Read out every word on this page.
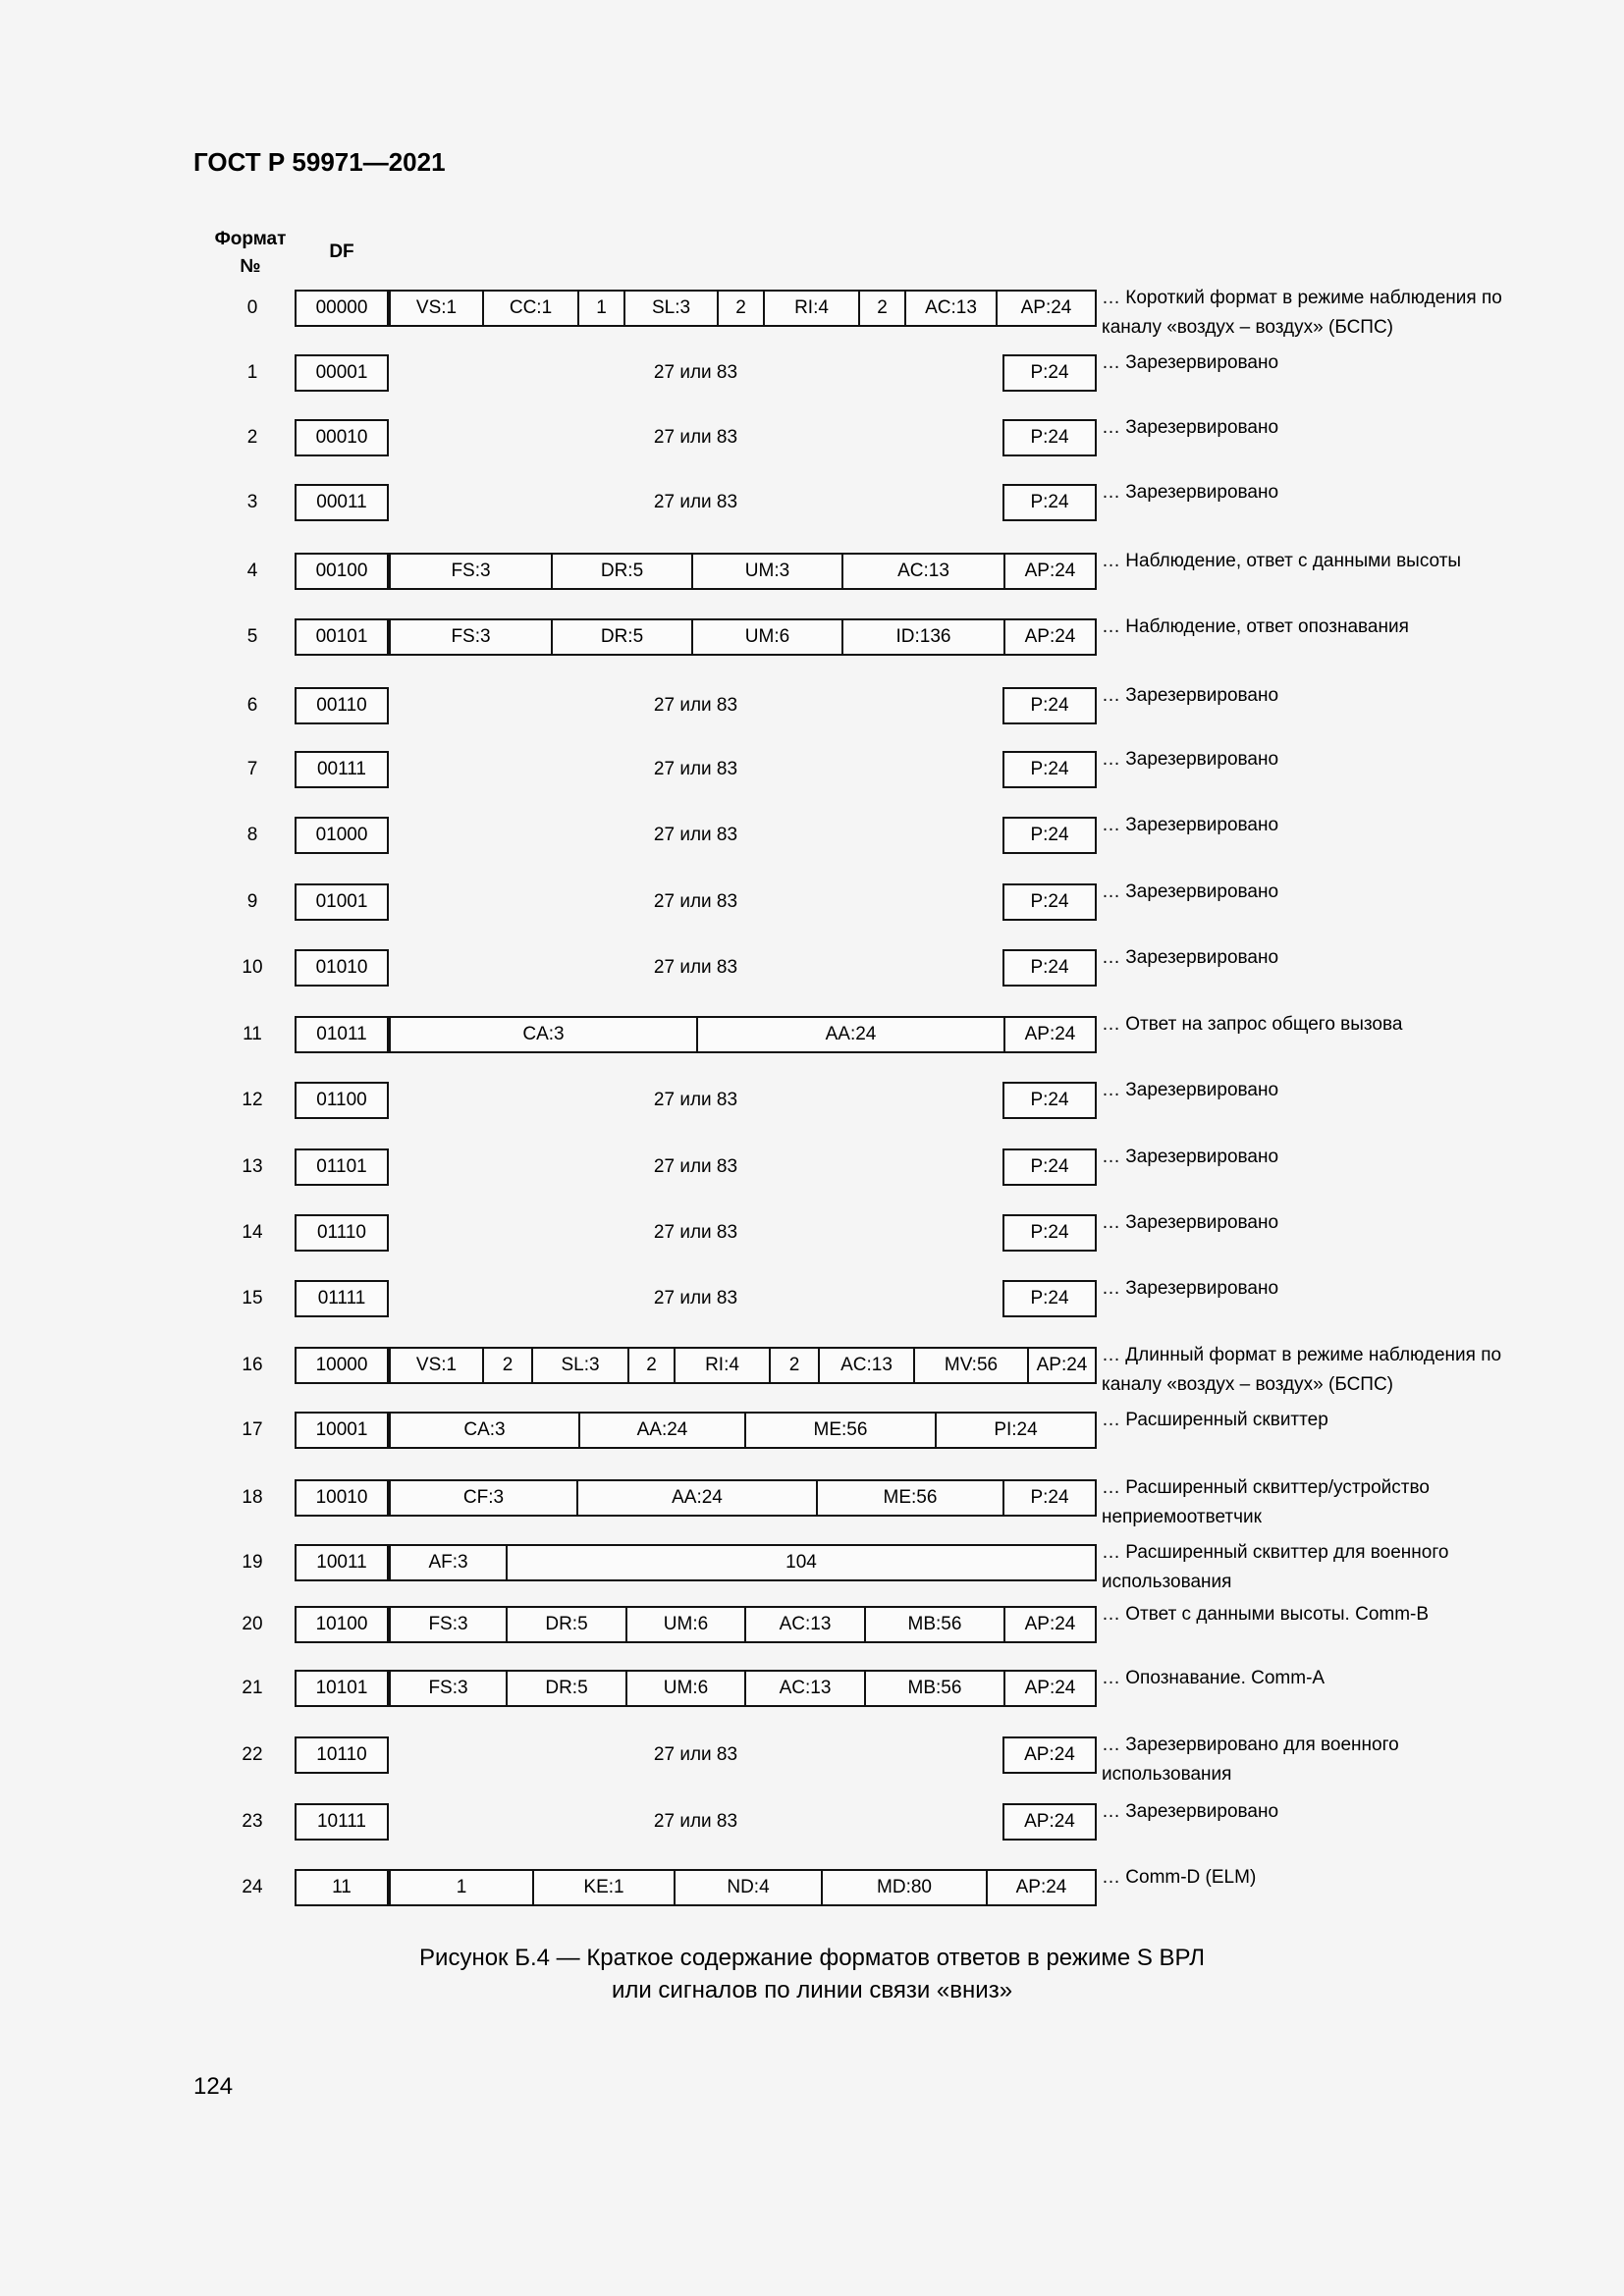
ГОСТ Р 59971—2021
Формат №
DF
0	00000	VS:1	CC:1	1	SL:3	2	RI:4	2	AC:13	AP:24	… Короткий формат в режиме наблюдения по каналу «воздух – воздух» (БСПС)
1	00001	27 или 83	P:24	… Зарезервировано
2	00010	27 или 83	P:24	… Зарезервировано
3	00011	27 или 83	P:24	… Зарезервировано
4	00100	FS:3	DR:5	UM:3	AC:13	AP:24	… Наблюдение, ответ с данными высоты
5	00101	FS:3	DR:5	UM:6	ID:136	AP:24	… Наблюдение, ответ опознавания
6	00110	27 или 83	P:24	… Зарезервировано
7	00111	27 или 83	P:24	… Зарезервировано
8	01000	27 или 83	P:24	… Зарезервировано
9	01001	27 или 83	P:24	… Зарезервировано
10	01010	27 или 83	P:24	… Зарезервировано
11	01011	CA:3	AA:24	AP:24	… Ответ на запрос общего вызова
12	01100	27 или 83	P:24	… Зарезервировано
13	01101	27 или 83	P:24	… Зарезервировано
14	01110	27 или 83	P:24	… Зарезервировано
15	01111	27 или 83	P:24	… Зарезервировано
16	10000	VS:1	2	SL:3	2	RI:4	2	AC:13	MV:56	AP:24 … Длинный формат в режиме наблюдения по каналу «воздух – воздух» (БСПС)
17	10001	CA:3	AA:24	ME:56	PI:24	… Расширенный сквиттер
18	10010	CF:3	AA:24	ME:56	P:24	… Расширенный сквиттер/устройство неприемоответчик
19	10011	AF:3	104	… Расширенный сквиттер для военного использования
20	10100	FS:3	DR:5	UM:6	AC:13	MB:56	AP:24	… Ответ с данными высоты. Comm-B
21	10101	FS:3	DR:5	UM:6	AC:13	MB:56	AP:24	… Опознавание. Comm-A
22	10110	27 или 83	AP:24	… Зарезервировано для военного использования
23	10111	27 или 83	AP:24	… Зарезервировано
24	11	1	KE:1	ND:4	MD:80	AP:24	… Comm-D (ELM)
Рисунок Б.4 — Краткое содержание форматов ответов в режиме S ВРЛ
или сигналов по линии связи «вниз»
124
